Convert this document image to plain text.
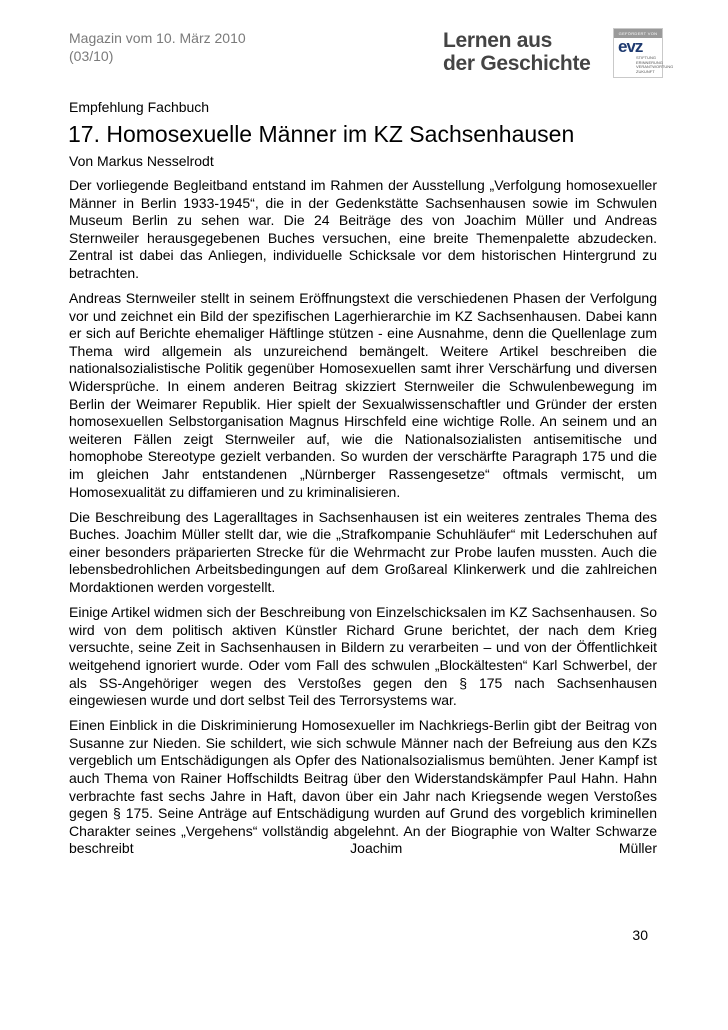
Magazin vom 10. März 2010
(03/10)
Lernen aus
der Geschichte
GEFÖRDERT VON
evz
STIFTUNG
ERINNERUNG
VERANTWORTUNG
ZUKUNFT
Empfehlung Fachbuch
17. Homosexuelle Männer im KZ Sachsenhausen
Von Markus Nesselrodt

Der vorliegende Begleitband entstand im Rahmen der Ausstellung „Verfolgung homosexueller Männer in Berlin 1933-1945“, die in der Gedenkstätte Sachsenhausen sowie im Schwulen Museum Berlin zu sehen war. Die 24 Beiträge des von Joachim Müller und Andreas Sternweiler herausgegebenen Buches versuchen, eine breite Themenpalette abzudecken. Zentral ist dabei das Anliegen, individuelle Schicksale vor dem historischen Hintergrund zu betrachten.

Andreas Sternweiler stellt in seinem Eröffnungstext die verschiedenen Phasen der Verfolgung vor und zeichnet ein Bild der spezifischen Lagerhierarchie im KZ Sachsenhausen. Dabei kann er sich auf Berichte ehemaliger Häftlinge stützen - eine Ausnahme, denn die Quellenlage zum Thema wird allgemein als unzureichend bemängelt. Weitere Artikel beschreiben die nationalsozialistische Politik gegenüber Homosexuellen samt ihrer Verschärfung und diversen Widersprüche. In einem anderen Beitrag skizziert Sternweiler die Schwulenbewegung im Berlin der Weimarer Republik. Hier spielt der Sexualwissenschaftler und Gründer der ersten homosexuellen Selbstorganisation Magnus Hirschfeld eine wichtige Rolle. An seinem und an weiteren Fällen zeigt Sternweiler auf, wie die Nationalsozialisten antisemitische und homophobe Stereotype gezielt verbanden. So wurden der verschärfte Paragraph 175 und die im gleichen Jahr entstandenen „Nürnberger Rassengesetze“ oftmals vermischt, um Homosexualität zu diffamieren und zu kriminalisieren.

Die Beschreibung des Lageralltages in Sachsenhausen ist ein weiteres zentrales Thema des Buches. Joachim Müller stellt dar, wie die „Strafkompanie Schuhläufer“ mit Lederschuhen auf einer besonders präparierten Strecke für die Wehrmacht zur Probe laufen mussten. Auch die lebensbedrohlichen Arbeitsbedingungen auf dem Großareal Klinkerwerk und die zahlreichen Mordaktionen werden vorgestellt.

Einige Artikel widmen sich der Beschreibung von Einzelschicksalen im KZ Sachsenhausen. So wird von dem politisch aktiven Künstler Richard Grune berichtet, der nach dem Krieg versuchte, seine Zeit in Sachsenhausen in Bildern zu verarbeiten – und von der Öffentlichkeit weitgehend ignoriert wurde. Oder vom Fall des schwulen „Blockältesten“ Karl Schwerbel, der als SS-Angehöriger wegen des Verstoßes gegen den § 175 nach Sachsenhausen eingewiesen wurde und dort selbst Teil des Terrorsystems war.

Einen Einblick in die Diskriminierung Homosexueller im Nachkriegs-Berlin gibt der Beitrag von Susanne zur Nieden. Sie schildert, wie sich schwule Männer nach der Befreiung aus den KZs vergeblich um Entschädigungen als Opfer des Nationalsozialismus bemühten. Jener Kampf ist auch Thema von Rainer Hoffschildts Beitrag über den Widerstandskämpfer Paul Hahn. Hahn verbrachte fast sechs Jahre in Haft, davon über ein Jahr nach Kriegsende wegen Verstoßes gegen § 175. Seine Anträge auf Entschädigung wurden auf Grund des vorgeblich kriminellen Charakter seines „Vergehens“ vollständig abgelehnt. An der Biographie von Walter Schwarze beschreibt Joachim Müller

30
